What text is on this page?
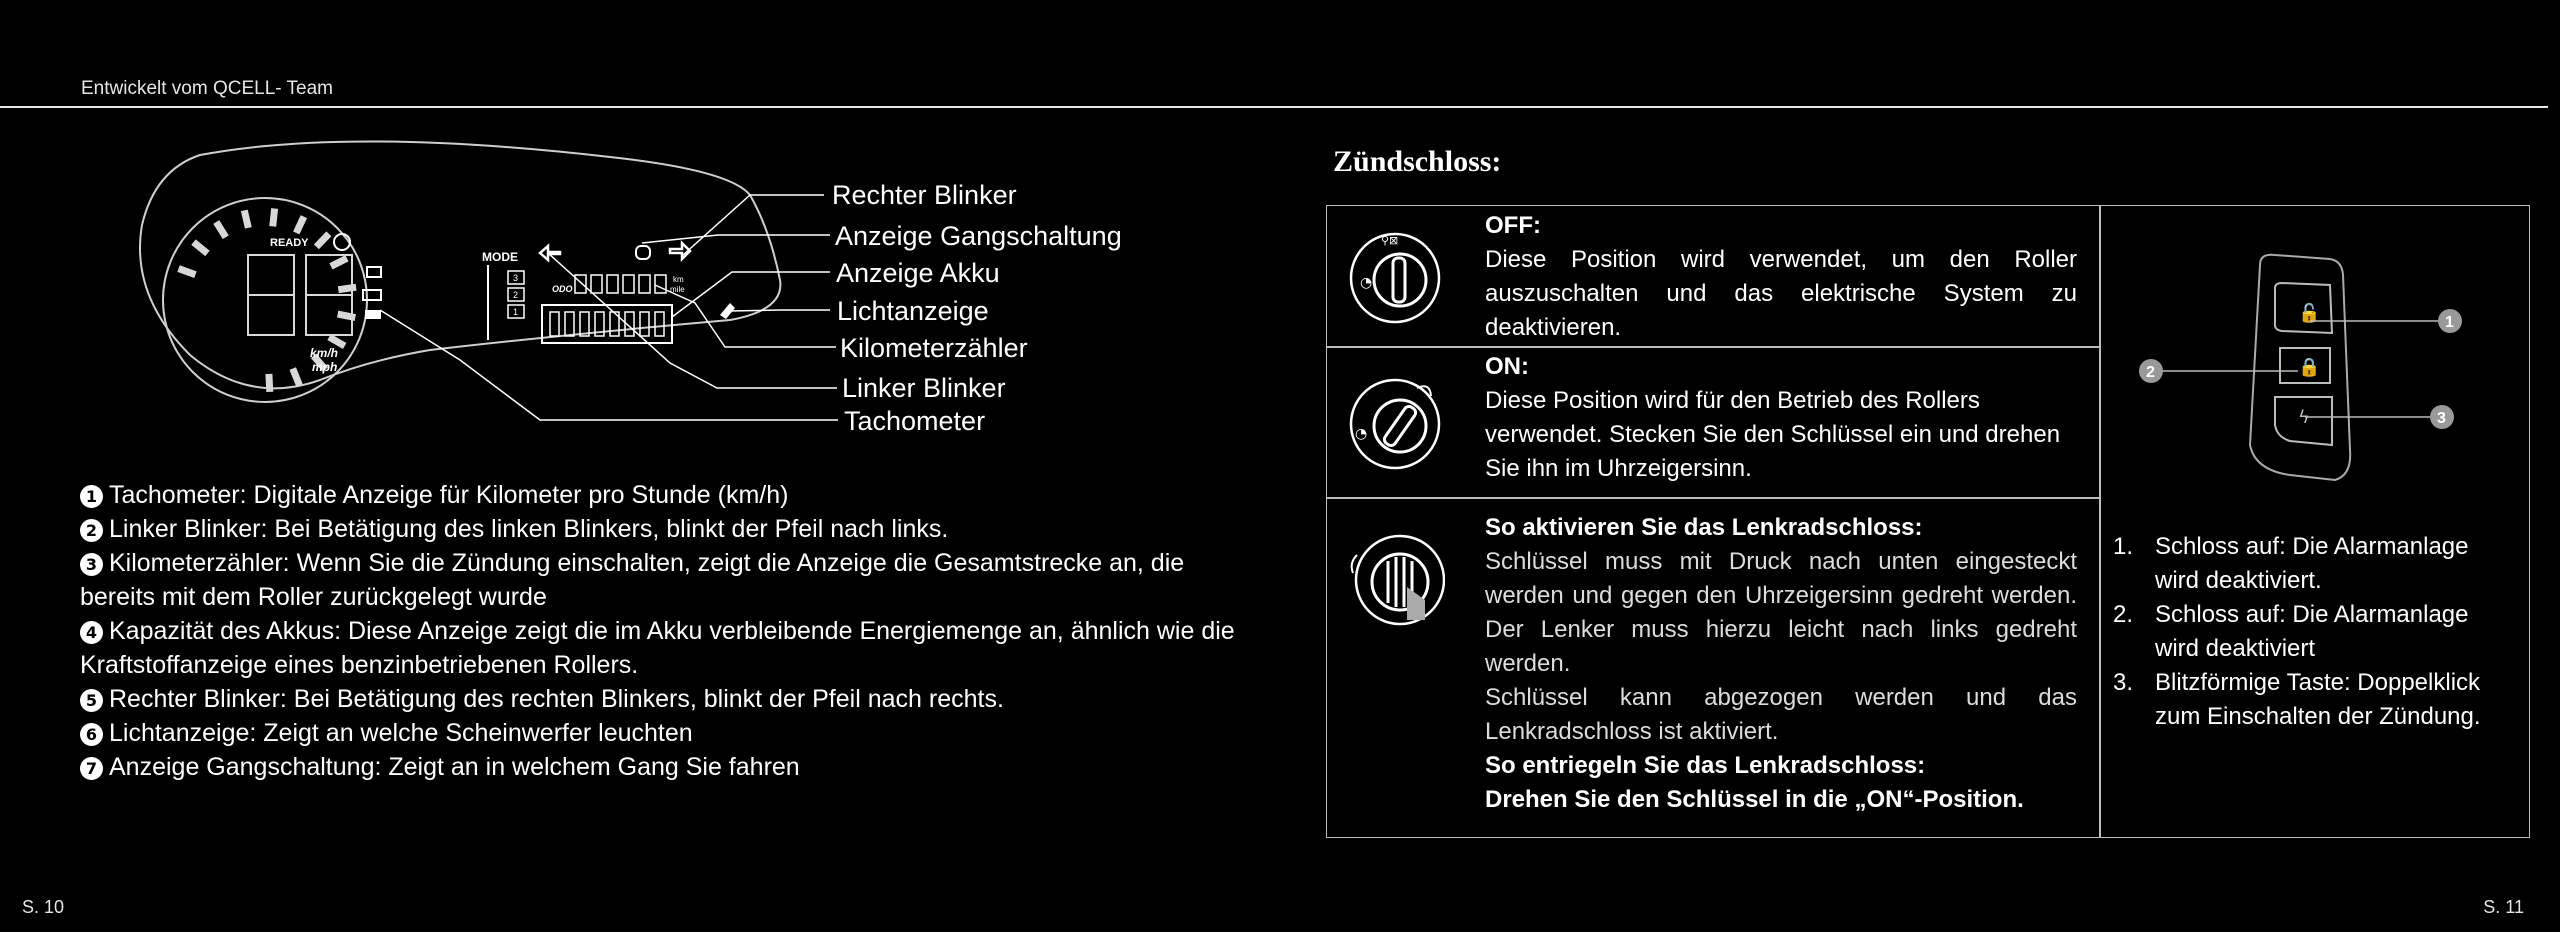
Entwickelt vom QCELL- Team
READY
km/h
mph
MODE
3
2
1
ODO
km
mile
Rechter Blinker
Anzeige Gangschaltung
Anzeige Akku
Lichtanzeige
Kilometerzähler
Linker Blinker
Tachometer
1 Tachometer: Digitale Anzeige für Kilometer pro Stunde (km/h)
2 Linker Blinker: Bei Betätigung des linken Blinkers, blinkt der Pfeil nach links.
3 Kilometerzähler: Wenn Sie die Zündung einschalten, zeigt die Anzeige die Gesamtstrecke an, die bereits mit dem Roller zurückgelegt wurde
4 Kapazität des Akkus: Diese Anzeige zeigt die im Akku verbleibende Energiemenge an, ähnlich wie die Kraftstoffanzeige eines benzinbetriebenen Rollers.
5 Rechter Blinker: Bei Betätigung des rechten Blinkers, blinkt der Pfeil nach rechts.
6 Lichtanzeige: Zeigt an welche Scheinwerfer leuchten
7 Anzeige Gangschaltung: Zeigt an in welchem Gang Sie fahren
Zündschloss:
◔
⚲⊠
◔
OFF:
Diese Position wird verwendet, um den Roller auszuschalten und das elektrische System zu deaktivieren.
ON:
Diese Position wird für den Betrieb des Rollers verwendet. Stecken Sie den Schlüssel ein und drehen Sie ihn im Uhrzeigersinn.
So aktivieren Sie das Lenkradschloss:
Schlüssel muss mit Druck nach unten eingesteckt werden und gegen den Uhrzeigersinn gedreht werden. Der Lenker muss hierzu leicht nach links gedreht werden.
Schlüssel kann abgezogen werden und das Lenkradschloss ist aktiviert.
So entriegeln Sie das Lenkradschloss:
Drehen Sie den Schlüssel in die „ON“-Position.
🔓
🔒
ϟ
1
2
3
1. Schloss auf: Die Alarmanlage wird deaktiviert.
2. Schloss auf: Die Alarmanlage wird deaktiviert
3. Blitzförmige Taste: Doppelklick zum Einschalten der Zündung.
S. 10	S. 11
